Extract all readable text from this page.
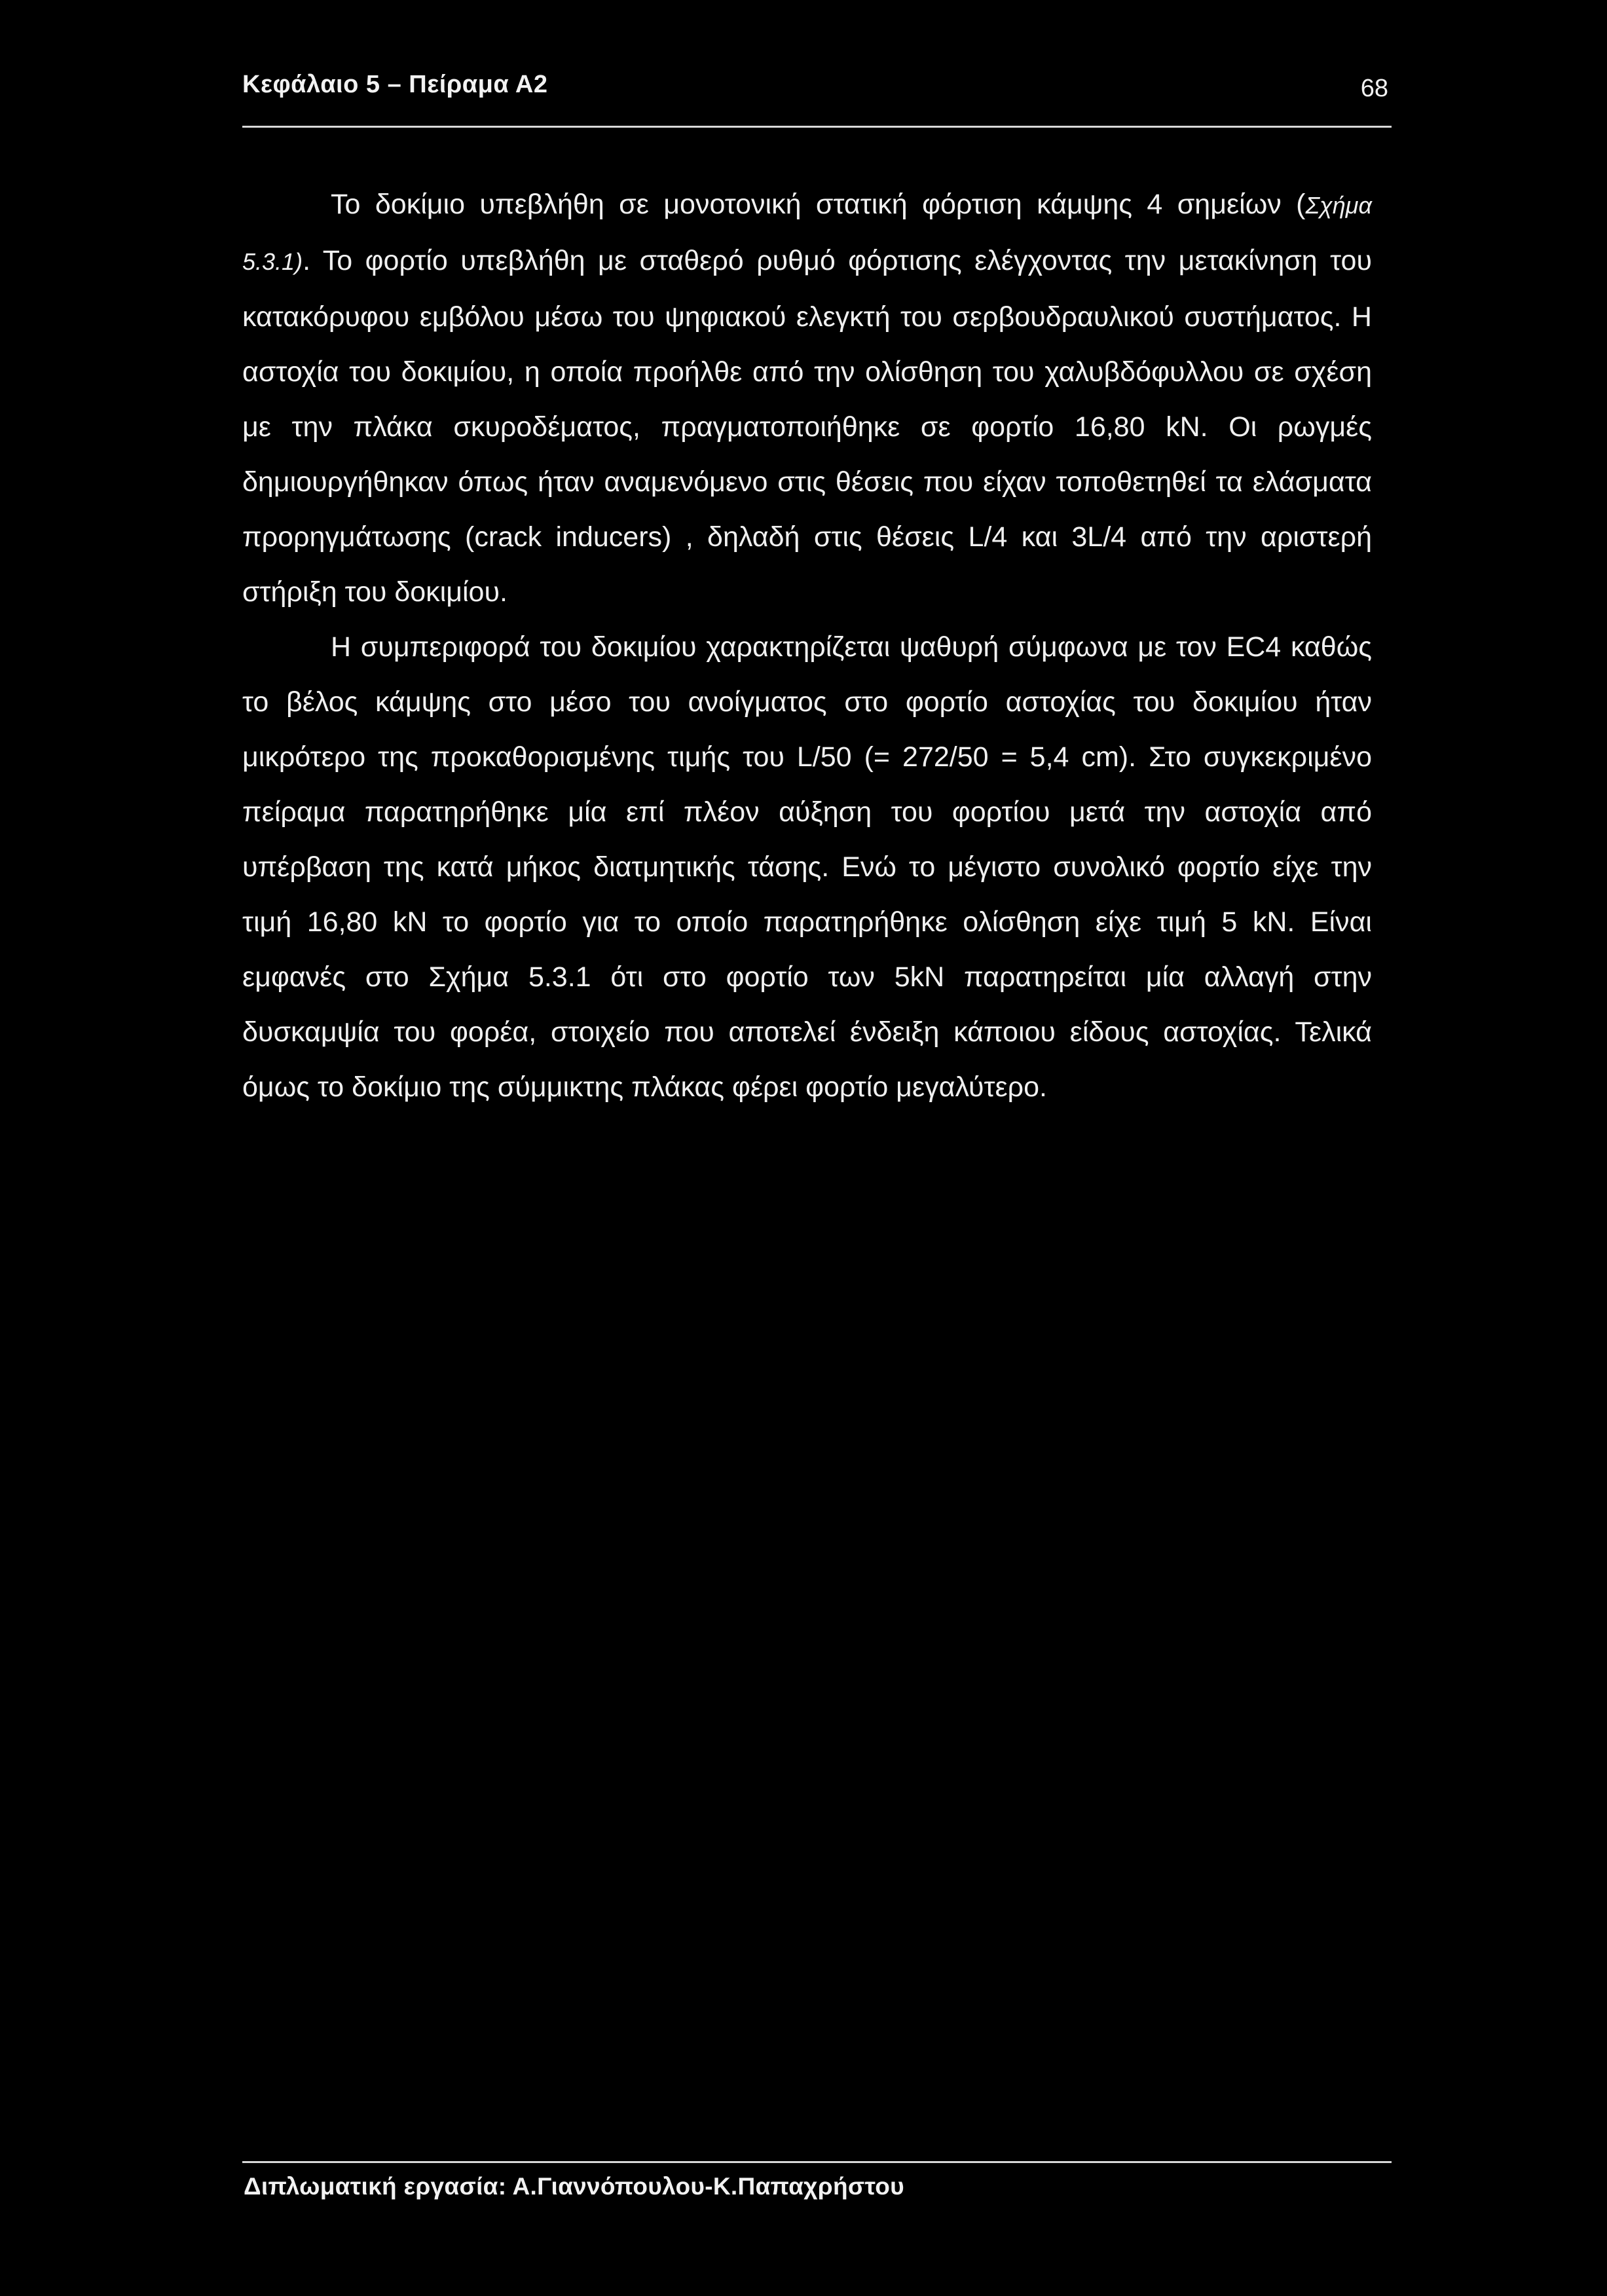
Κεφάλαιο 5 – Πείραμα Α2	68

Το δοκίμιο υπεβλήθη σε μονοτονική στατική φόρτιση κάμψης 4 σημείων (Σχήμα 5.3.1). Το φορτίο υπεβλήθη με σταθερό ρυθμό φόρτισης ελέγχοντας την μετακίνηση του κατακόρυφου εμβόλου μέσω του ψηφιακού ελεγκτή του σερβουδραυλικού συστήματος. Η αστοχία του δοκιμίου, η οποία προήλθε από την ολίσθηση του χαλυβδόφυλλου σε σχέση με την πλάκα σκυροδέματος, πραγματοποιήθηκε σε φορτίο 16,80 kN. Οι ρωγμές δημιουργήθηκαν όπως ήταν αναμενόμενο στις θέσεις που είχαν τοποθετηθεί τα ελάσματα προρηγμάτωσης (crack inducers) , δηλαδή στις θέσεις L/4 και 3L/4 από την αριστερή στήριξη του δοκιμίου.

Η συμπεριφορά του δοκιμίου χαρακτηρίζεται ψαθυρή σύμφωνα με τον EC4 καθώς το βέλος κάμψης στο μέσο του ανοίγματος στο φορτίο αστοχίας του δοκιμίου ήταν μικρότερο της προκαθορισμένης τιμής του L/50 (= 272/50 = 5,4 cm). Στο συγκεκριμένο πείραμα παρατηρήθηκε μία επί πλέον αύξηση του φορτίου μετά την αστοχία από υπέρβαση της κατά μήκος διατμητικής τάσης. Ενώ το μέγιστο συνολικό φορτίο είχε την τιμή 16,80 kN το φορτίο για το οποίο παρατηρήθηκε ολίσθηση είχε τιμή 5 kN. Είναι εμφανές στο Σχήμα 5.3.1 ότι στο φορτίο των 5kN παρατηρείται μία αλλαγή στην δυσκαμψία του φορέα, στοιχείο που αποτελεί ένδειξη κάποιου είδους αστοχίας. Τελικά όμως το δοκίμιο της σύμμικτης πλάκας φέρει φορτίο μεγαλύτερο.

Διπλωματική εργασία: Α.Γιαννόπουλου-Κ.Παπαχρήστου
